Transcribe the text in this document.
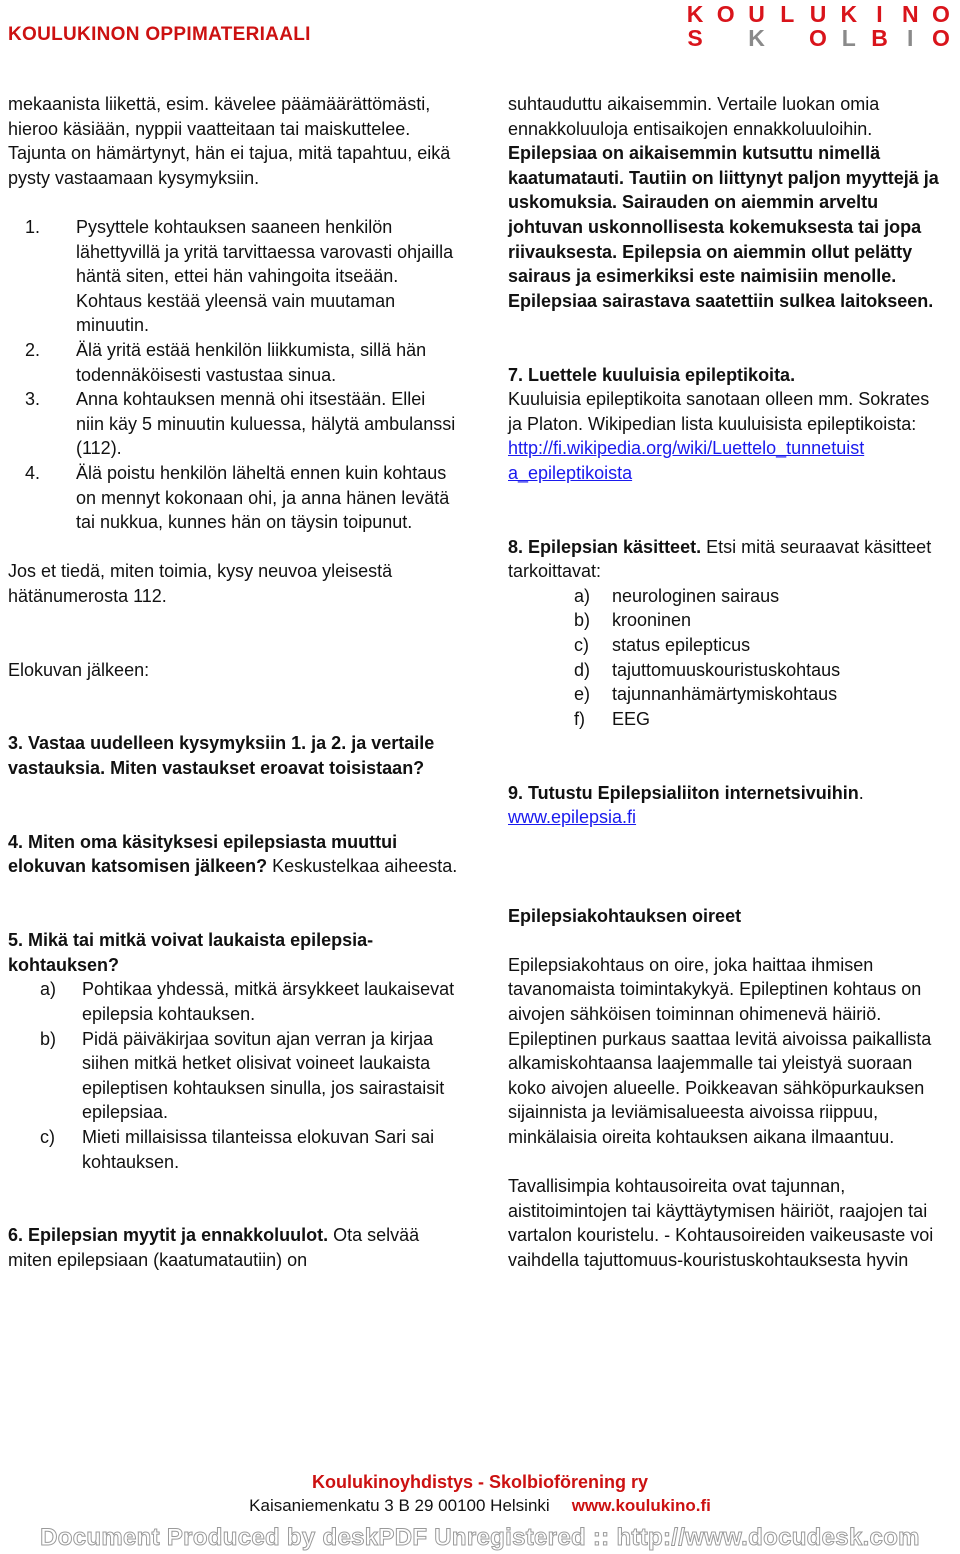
KOULUKINON OPPIMATERIAALI
K O U L U K I N O
S K O L B I O

mekaanista liikettä, esim. kävelee päämäärättömästi, hieroo käsiään, nyppii vaatteitaan tai maiskuttelee. Tajunta on hämärtynyt, hän ei tajua, mitä tapahtuu, eikä pysty vastaamaan kysymyksiin.

1.	Pysyttele kohtauksen saaneen henkilön lähettyvillä ja yritä tarvittaessa varovasti ohjailla häntä siten, ettei hän vahingoita itseään. Kohtaus kestää yleensä vain muutaman minuutin.
2.	Älä yritä estää henkilön liikkumista, sillä hän todennäköisesti vastustaa sinua.
3.	Anna kohtauksen mennä ohi itsestään. Ellei niin käy 5 minuutin kuluessa, hälytä ambulanssi (112).
4.	Älä poistu henkilön läheltä ennen kuin kohtaus on mennyt kokonaan ohi, ja anna hänen levätä tai nukkua, kunnes hän on täysin toipunut.

Jos et tiedä, miten toimia, kysy neuvoa yleisestä hätänumerosta 112.

Elokuvan jälkeen:

3. Vastaa uudelleen kysymyksiin 1. ja 2. ja vertaile vastauksia. Miten vastaukset eroavat toisistaan?

4. Miten oma käsityksesi epilepsiasta muuttui elokuvan katsomisen jälkeen? Keskustelkaa aiheesta.

5. Mikä tai mitkä voivat laukaista epilepsia-kohtauksen?

a)	Pohtikaa yhdessä, mitkä ärsykkeet laukaisevat epilepsia kohtauksen.
b)	Pidä päiväkirjaa sovitun ajan verran ja kirjaa siihen mitkä hetket olisivat voineet laukaista epileptisen kohtauksen sinulla, jos sairastaisit epilepsiaa.
c)	Mieti millaisissa tilanteissa elokuvan Sari sai kohtauksen.

6. Epilepsian myytit ja ennakkoluulot. Ota selvää miten epilepsiaan (kaatumatautiin) on

suhtauduttu aikaisemmin. Vertaile luokan omia ennakkoluuloja entisaikojen ennakkoluuloihin. Epilepsiaa on aikaisemmin kutsuttu nimellä kaatumatauti. Tautiin on liittynyt paljon myyttejä ja uskomuksia. Sairauden on aiemmin arveltu johtuvan uskonnollisesta kokemuksesta tai jopa riivauksesta. Epilepsia on aiemmin ollut pelätty sairaus ja esimerkiksi este naimisiin menolle. Epilepsiaa sairastava saatettiin sulkea laitokseen.

7. Luettele kuuluisia epileptikoita.

Kuuluisia epileptikoita sanotaan olleen mm. Sokrates ja Platon. Wikipedian lista kuuluisista epileptikoista:

http://fi.wikipedia.org/wiki/Luettelo_tunnetuist
a_epileptikoista

8. Epilepsian käsitteet. Etsi mitä seuraavat käsitteet tarkoittavat:

a)	neurologinen sairaus
b)	krooninen
c)	status epilepticus
d)	tajuttomuuskouristuskohtaus
e)	tajunnanhämärtymiskohtaus
f)	EEG

9. Tutustu Epilepsialiiton internetsivuihin.

www.epilepsia.fi

Epilepsiakohtauksen oireet

Epilepsiakohtaus on oire, joka haittaa ihmisen tavanomaista toimintakykyä. Epileptinen kohtaus on aivojen sähköisen toiminnan ohimenevä häiriö. Epileptinen purkaus saattaa levitä aivoissa paikallista alkamiskohtaansa laajemmalle tai yleistyä suoraan koko aivojen alueelle. Poikkeavan sähköpurkauksen sijainnista ja leviämisalueesta aivoissa riippuu, minkälaisia oireita kohtauksen aikana ilmaantuu.

Tavallisimpia kohtausoireita ovat tajunnan, aistitoimintojen tai käyttäytymisen häiriöt, raajojen tai vartalon kouristelu. - Kohtausoireiden vaikeusaste voi vaihdella tajuttomuus-kouristuskohtauksesta hyvin

Koulukinoyhdistys - Skolbioförening ry
Kaisaniemenkatu 3 B 29 00100 Helsinki www.koulukino.fi
Document Produced by deskPDF Unregistered :: http://www.docudesk.com
